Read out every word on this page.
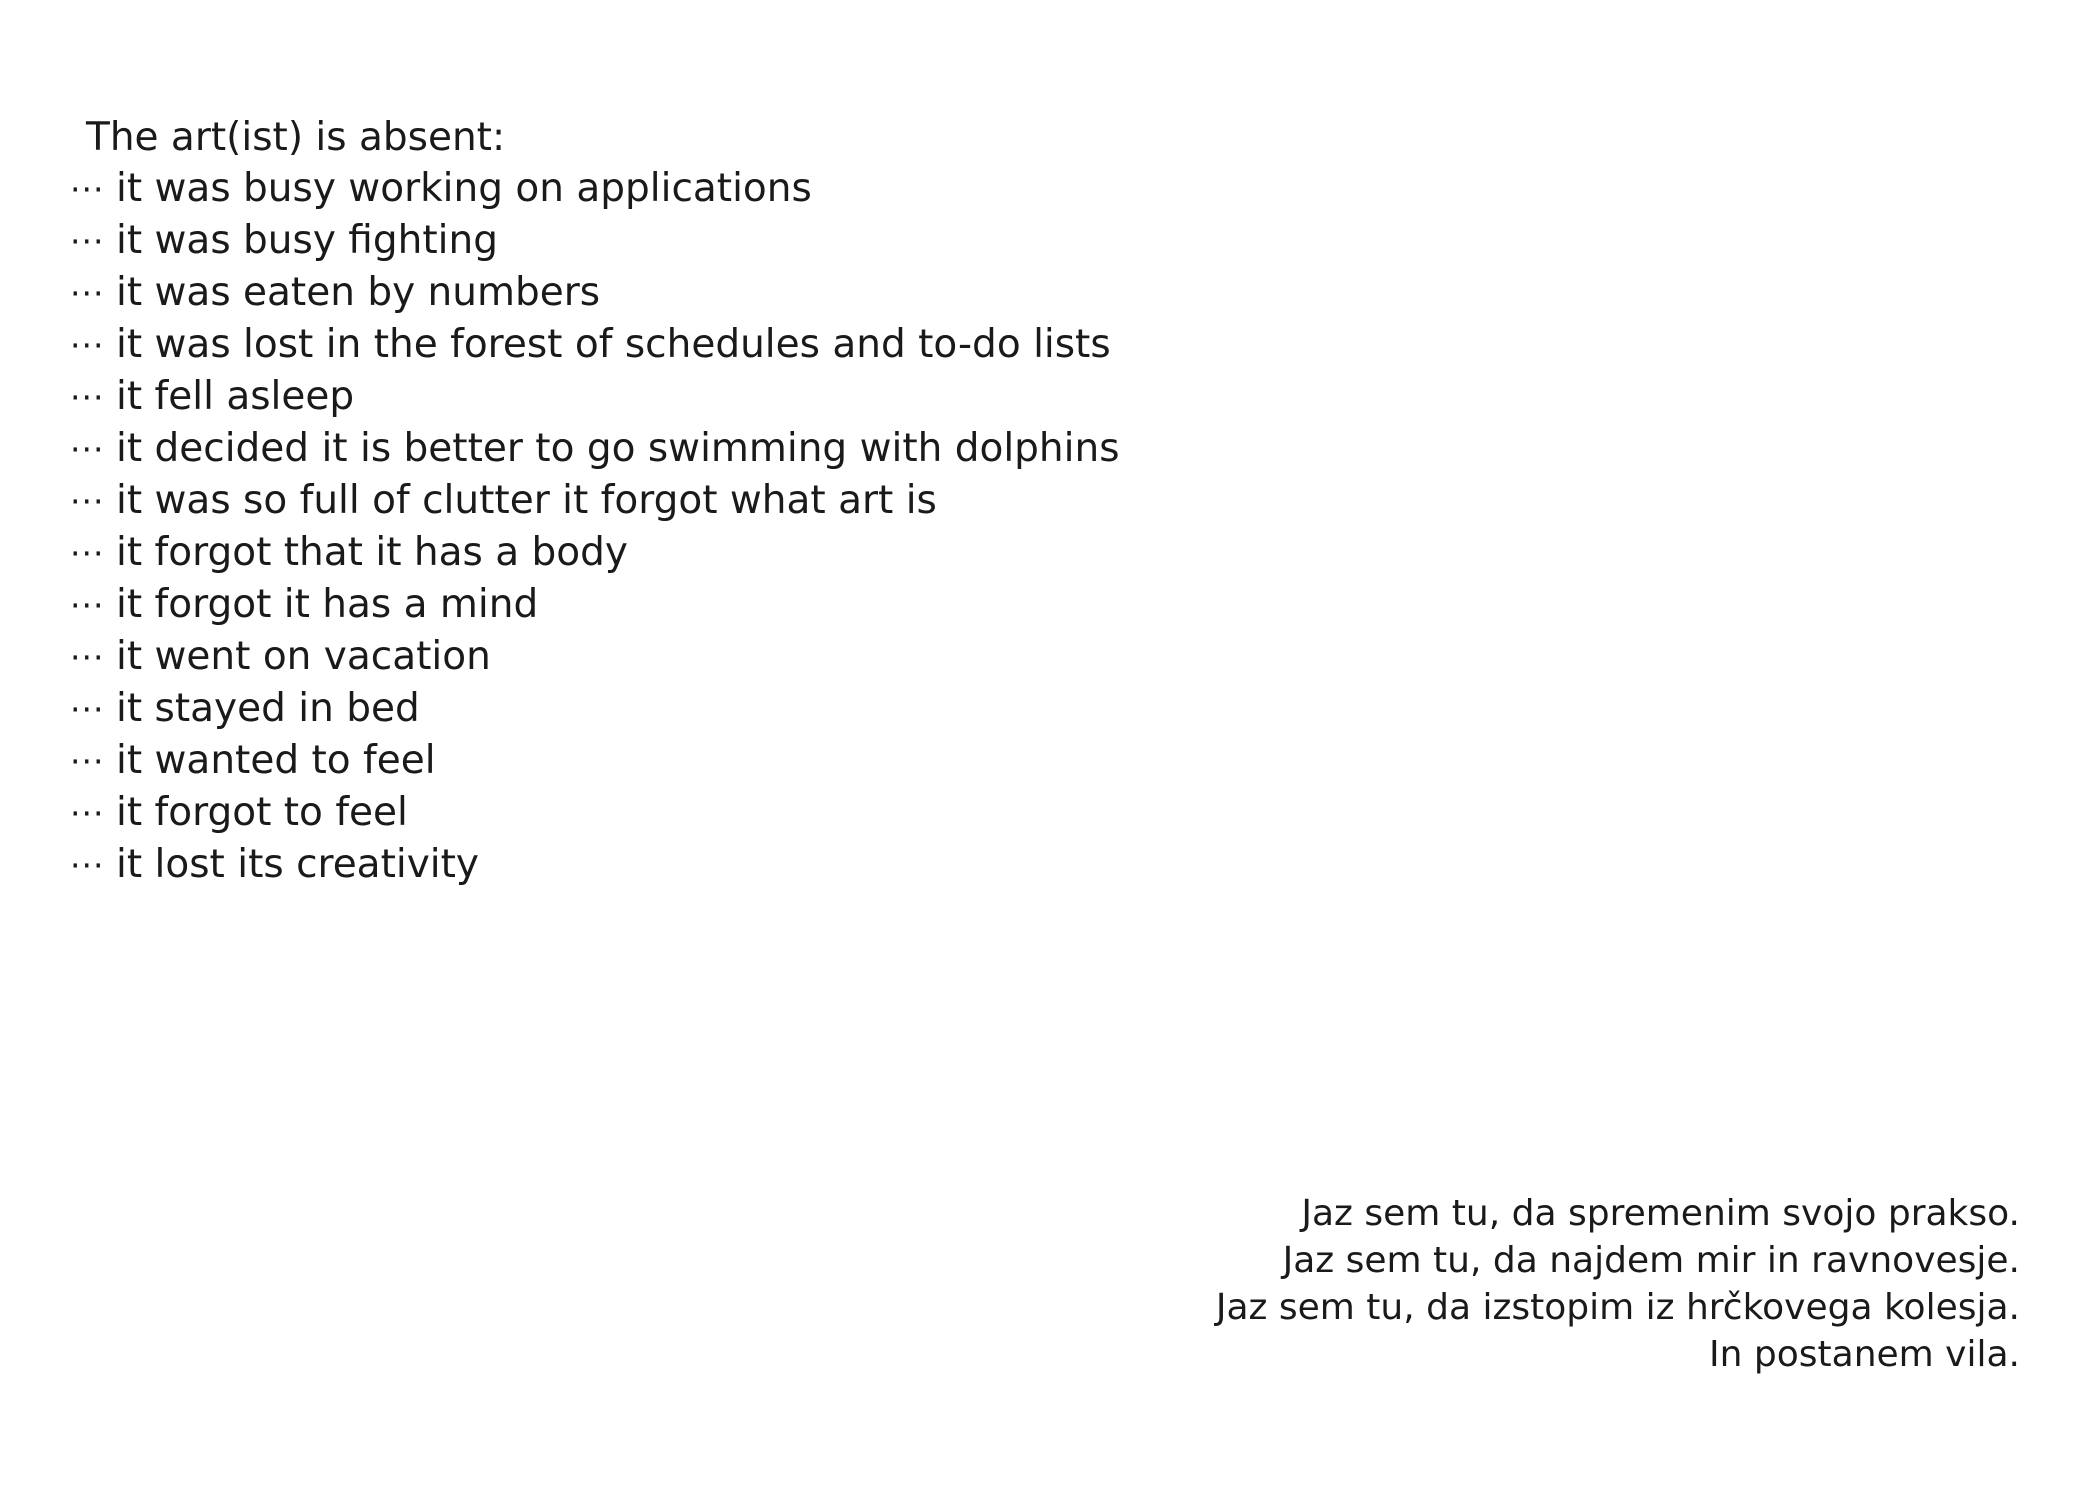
The art(ist) is absent:
··· it was busy working on applications
··· it was busy fighting
··· it was eaten by numbers
··· it was lost in the forest of schedules and to-do lists
··· it fell asleep
··· it decided it is better to go swimming with dolphins
··· it was so full of clutter it forgot what art is
··· it forgot that it has a body
··· it forgot it has a mind
··· it went on vacation
··· it stayed in bed
··· it wanted to feel
··· it forgot to feel
··· it lost its creativity
Jaz sem tu, da spremenim svojo prakso.
Jaz sem tu, da najdem mir in ravnovesje.
Jaz sem tu, da izstopim iz hrčkovega kolesja.
In postanem vila.
